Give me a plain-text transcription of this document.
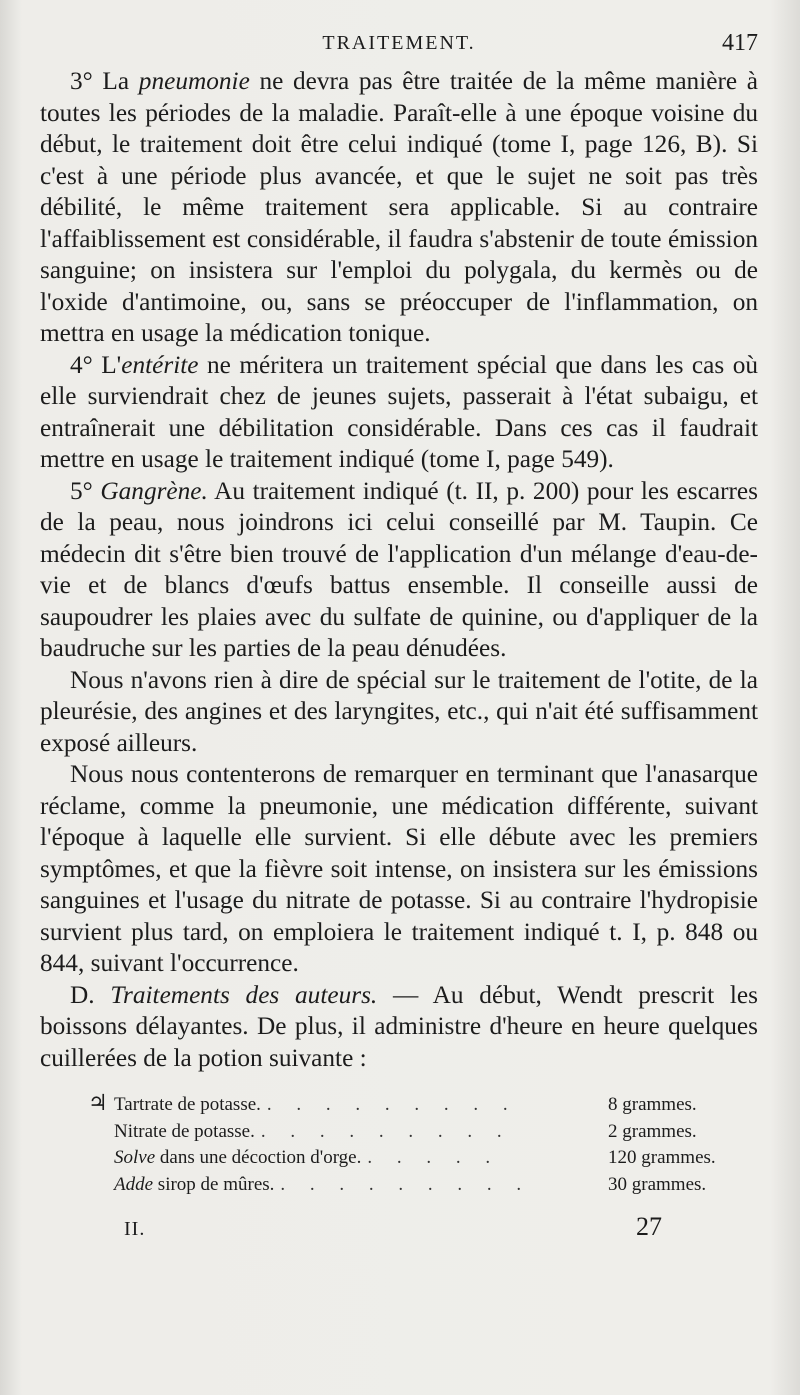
TRAITEMENT.	417

3° La pneumonie ne devra pas être traitée de la même manière à toutes les périodes de la maladie. Paraît-elle à une époque voisine du début, le traitement doit être celui indiqué (tome I, page 126, B). Si c'est à une période plus avancée, et que le sujet ne soit pas très débilité, le même traitement sera applicable. Si au contraire l'affaiblissement est considérable, il faudra s'abstenir de toute émission sanguine; on insistera sur l'emploi du polygala, du kermès ou de l'oxide d'antimoine, ou, sans se préoccuper de l'inflammation, on mettra en usage la médication tonique.

4° L'entérite ne méritera un traitement spécial que dans les cas où elle surviendrait chez de jeunes sujets, passerait à l'état subaigu, et entraînerait une débilitation considérable. Dans ces cas il faudrait mettre en usage le traitement indiqué (tome I, page 549).

5° Gangrène. Au traitement indiqué (t. II, p. 200) pour les escarres de la peau, nous joindrons ici celui conseillé par M. Taupin. Ce médecin dit s'être bien trouvé de l'application d'un mélange d'eau-de-vie et de blancs d'œufs battus ensemble. Il conseille aussi de saupoudrer les plaies avec du sulfate de quinine, ou d'appliquer de la baudruche sur les parties de la peau dénudées.

Nous n'avons rien à dire de spécial sur le traitement de l'otite, de la pleurésie, des angines et des laryngites, etc., qui n'ait été suffisamment exposé ailleurs.

Nous nous contenterons de remarquer en terminant que l'anasarque réclame, comme la pneumonie, une médication différente, suivant l'époque à laquelle elle survient. Si elle débute avec les premiers symptômes, et que la fièvre soit intense, on insistera sur les émissions sanguines et l'usage du nitrate de potasse. Si au contraire l'hydropisie survient plus tard, on emploiera le traitement indiqué t. I, p. 848 ou 844, suivant l'occurrence.

D. Traitements des auteurs. — Au début, Wendt prescrit les boissons délayantes. De plus, il administre d'heure en heure quelques cuillerées de la potion suivante :

♃ Tartrate de potasse. . . . . . . . . .	8 grammes.
Nitrate de potasse. . . . . . . . . .	2 grammes.
Solve dans une décoction d'orge. . . . . .	120 grammes.
Adde sirop de mûres. . . . . . . . . .	30 grammes.
II.	27
